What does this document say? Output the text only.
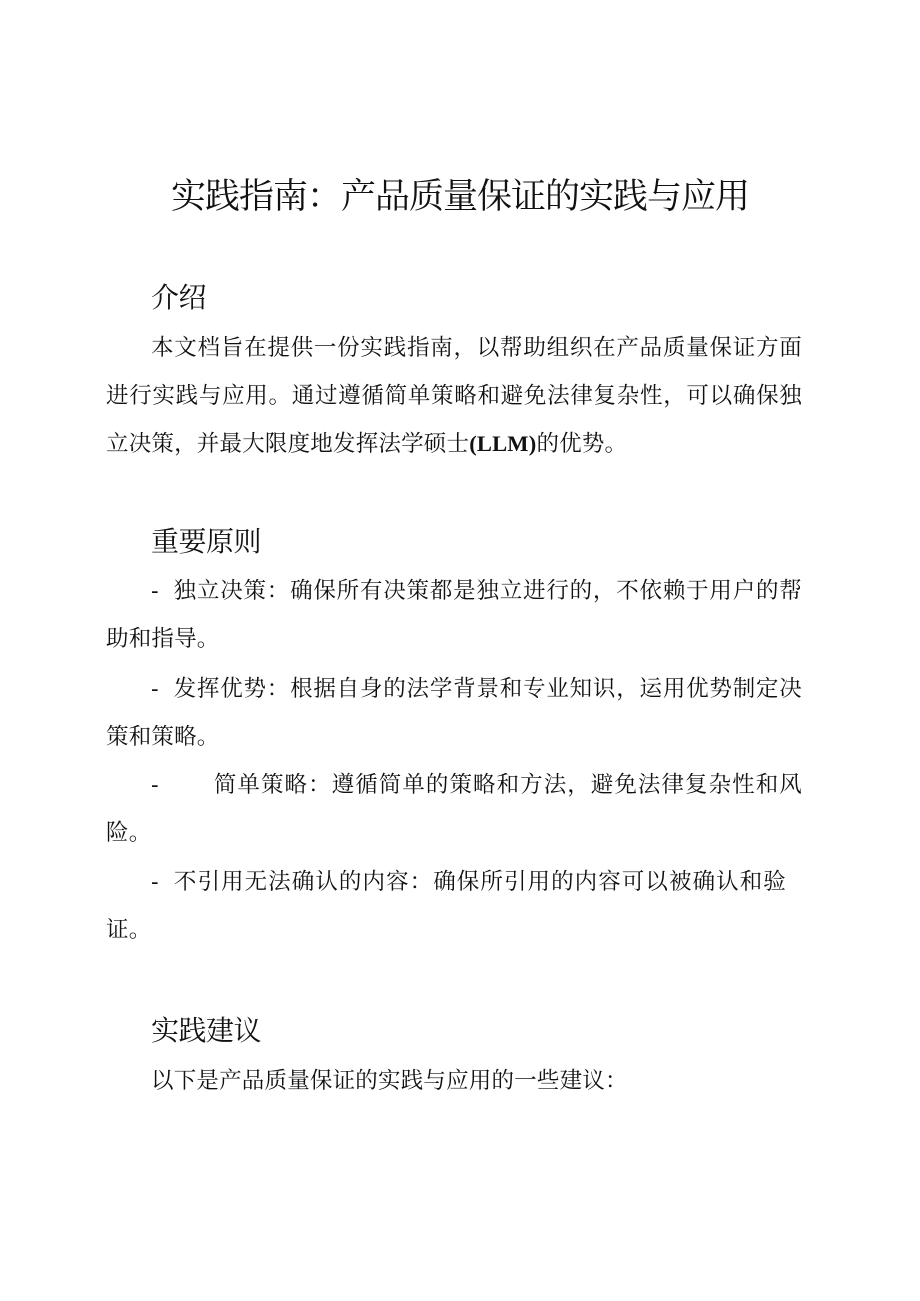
实践指南：产品质量保证的实践与应用
介绍

本文档旨在提供一份实践指南，以帮助组织在产品质量保证方面进行实践与应用。通过遵循简单策略和避免法律复杂性，可以确保独立决策，并最大限度地发挥法学硕士(LLM)的优势。

重要原则

- 独立决策：确保所有决策都是独立进行的，不依赖于用户的帮助和指导。

- 发挥优势：根据自身的法学背景和专业知识，运用优势制定决策和策略。

- 简单策略：遵循简单的策略和方法，避免法律复杂性和风险。

- 不引用无法确认的内容：确保所引用的内容可以被确认和验证。

实践建议

以下是产品质量保证的实践与应用的一些建议：
